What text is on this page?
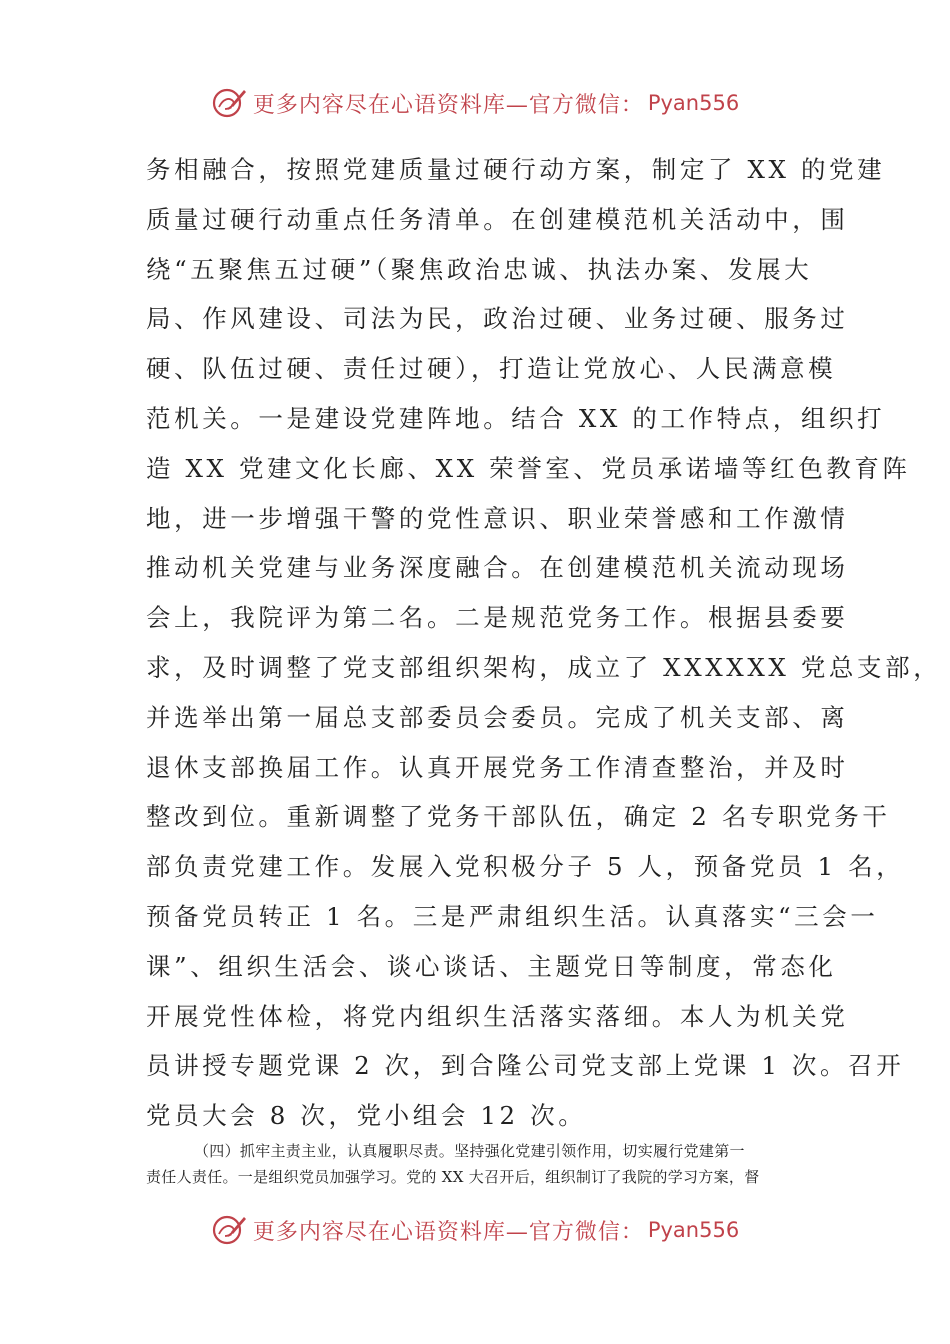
更多内容尽在心语资料库—官方微信： Pyan556
务相融合，按照党建质量过硬行动方案，制定了 XX 的党建
质量过硬行动重点任务清单。在创建模范机关活动中，围
绕“五聚焦五过硬”（聚焦政治忠诚、执法办案、发展大
局、作风建设、司法为民，政治过硬、业务过硬、服务过
硬、队伍过硬、责任过硬），打造让党放心、人民满意模
范机关。一是建设党建阵地。结合 XX 的工作特点，组织打
造 XX 党建文化长廊、XX 荣誉室、党员承诺墙等红色教育阵
地，进一步增强干警的党性意识、职业荣誉感和工作激情
推动机关党建与业务深度融合。在创建模范机关流动现场
会上，我院评为第二名。二是规范党务工作。根据县委要
求，及时调整了党支部组织架构，成立了 XXXXXX 党总支部，
并选举出第一届总支部委员会委员。完成了机关支部、离
退休支部换届工作。认真开展党务工作清查整治，并及时
整改到位。重新调整了党务干部队伍，确定 2 名专职党务干
部负责党建工作。发展入党积极分子 5 人，预备党员 1 名，
预备党员转正 1 名。三是严肃组织生活。认真落实“三会一
课”、组织生活会、谈心谈话、主题党日等制度，常态化
开展党性体检，将党内组织生活落实落细。本人为机关党
员讲授专题党课 2 次，到合隆公司党支部上党课 1 次。召开
党员大会 8 次，党小组会 12 次。
（四）抓牢主责主业，认真履职尽责。坚持强化党建引领作用，切实履行党建第一
责任人责任。一是组织党员加强学习。党的 XX 大召开后，组织制订了我院的学习方案，督
更多内容尽在心语资料库—官方微信： Pyan556
